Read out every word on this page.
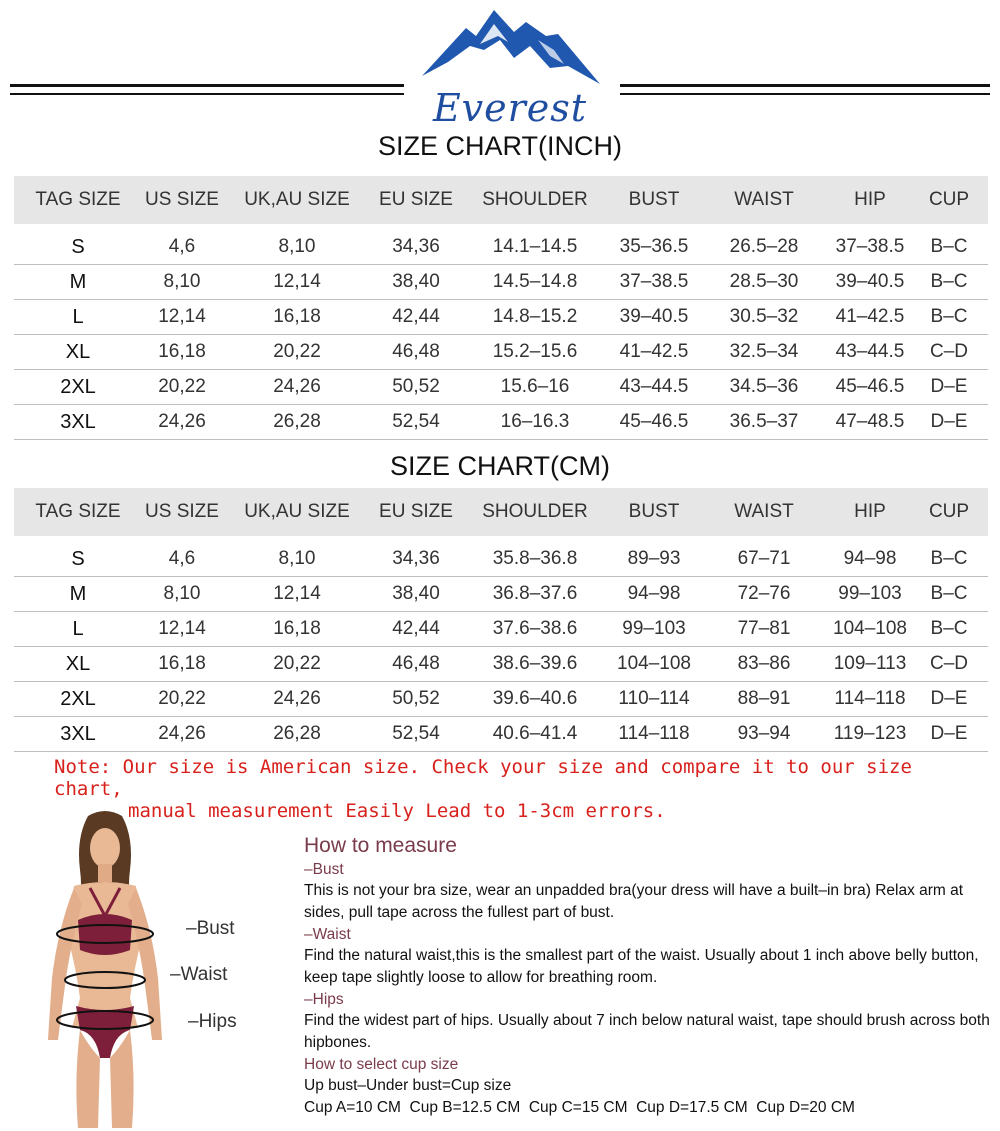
Everest
SIZE CHART(INCH)
TAG SIZE	US SIZE	UK,AU SIZE	EU SIZE	SHOULDER	BUST	WAIST	HIP	CUP

S	4,6	8,10	34,36	14.1–14.5	35–36.5	26.5–28	37–38.5	B–C
M	8,10	12,14	38,40	14.5–14.8	37–38.5	28.5–30	39–40.5	B–C
L	12,14	16,18	42,44	14.8–15.2	39–40.5	30.5–32	41–42.5	B–C
XL	16,18	20,22	46,48	15.2–15.6	41–42.5	32.5–34	43–44.5	C–D
2XL	20,22	24,26	50,52	15.6–16	43–44.5	34.5–36	45–46.5	D–E
3XL	24,26	26,28	52,54	16–16.3	45–46.5	36.5–37	47–48.5	D–E
SIZE CHART(CM)
TAG SIZE	US SIZE	UK,AU SIZE	EU SIZE	SHOULDER	BUST	WAIST	HIP	CUP

S	4,6	8,10	34,36	35.8–36.8	89–93	67–71	94–98	B–C
M	8,10	12,14	38,40	36.8–37.6	94–98	72–76	99–103	B–C
L	12,14	16,18	42,44	37.6–38.6	99–103	77–81	104–108	B–C
XL	16,18	20,22	46,48	38.6–39.6	104–108	83–86	109–113	C–D
2XL	20,22	24,26	50,52	39.6–40.6	110–114	88–91	114–118	D–E
3XL	24,26	26,28	52,54	40.6–41.4	114–118	93–94	119–123	D–E
Note: Our size is American size. Check your size and compare it to our size chart,
manual measurement Easily Lead to 1-3cm errors.
–Bust
–Waist
–Hips
How to measure
–Bust
This is not your bra size, wear an unpadded bra(your dress will have a built–in bra) Relax arm at sides, pull tape across the fullest part of bust.
–Waist
Find the natural waist,this is the smallest part of the waist. Usually about 1 inch above belly button, keep tape slightly loose to allow for breathing room.
–Hips
Find the widest part of hips. Usually about 7 inch below natural waist, tape should brush across both hipbones.
How to select cup size
Up bust–Under bust=Cup size
Cup A=10 CM  Cup B=12.5 CM  Cup C=15 CM  Cup D=17.5 CM  Cup D=20 CM
